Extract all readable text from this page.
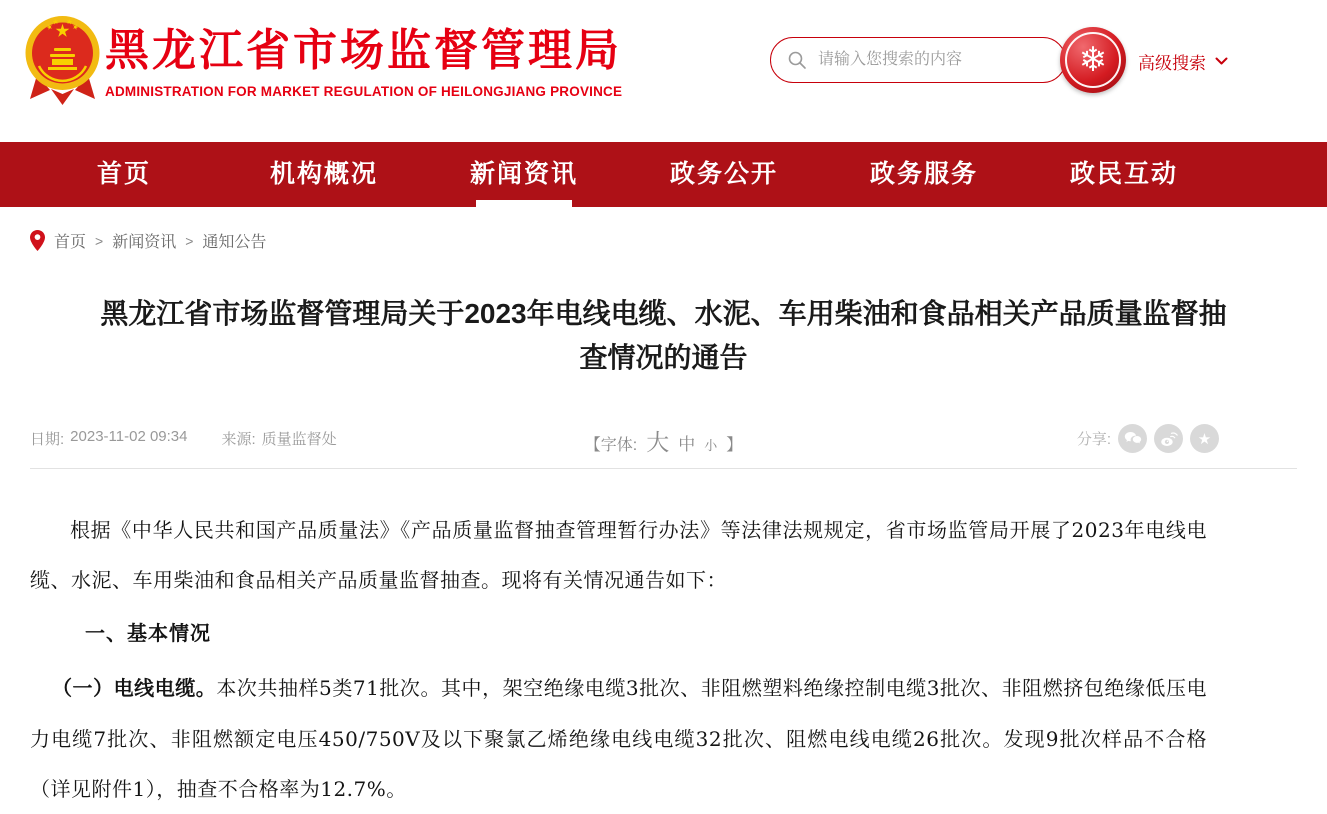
黑龙江省市场监督管理局
ADMINISTRATION FOR MARKET REGULATION OF HEILONGJIANG PROVINCE
请输入您搜索的内容
❄ 高级搜索
首页	机构概况	新闻资讯	政务公开	政务服务	政民互动
首页 > 新闻资讯 > 通知公告
黑龙江省市场监督管理局关于2023年电线电缆、水泥、车用柴油和食品相关产品质量监督抽查情况的通告
日期: 2023-11-02 09:34 来源: 质量监督处	【字体: 大 中 小 】	分享:	★

根据《中华人民共和国产品质量法》《产品质量监督抽查管理暂行办法》等法律法规规定，省市场监管局开展了2023年电线电缆、水泥、车用柴油和食品相关产品质量监督抽查。现将有关情况通告如下：

一、基本情况

（一）电线电缆。本次共抽样5类71批次。其中，架空绝缘电缆3批次、非阻燃塑料绝缘控制电缆3批次、非阻燃挤包绝缘低压电力电缆7批次、非阻燃额定电压450/750V及以下聚氯乙烯绝缘电线电缆32批次、阻燃电线电缆26批次。发现9批次样品不合格（详见附件1），抽查不合格率为12.7%。
